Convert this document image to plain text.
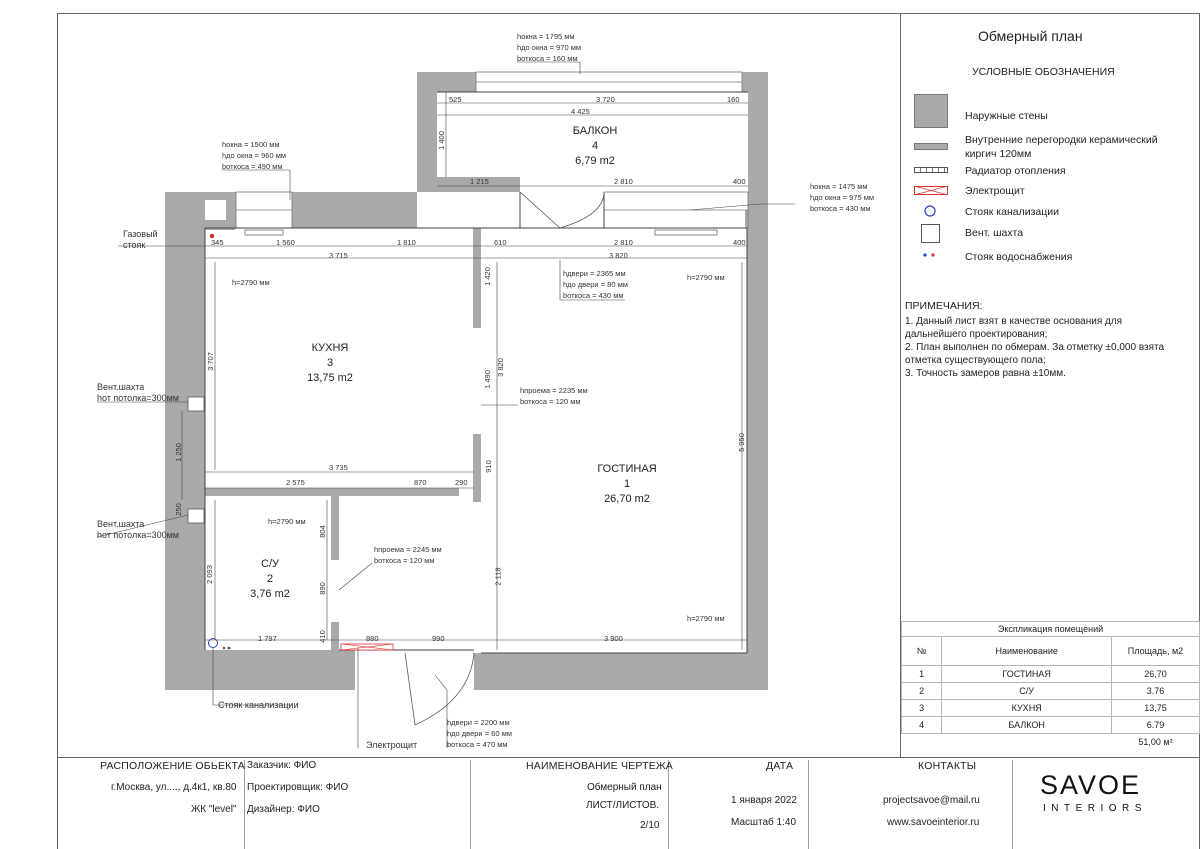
БАЛКОН
4
6,79 m2
КУХНЯ
3
13,75 m2
ГОСТИНАЯ
1
26,70 m2
С/У
2
3,76 m2
hокна = 1795 мм
hдо окна = 970 мм
bоткоса = 160 мм
hокна = 1500 мм
hдо окна = 960 мм
bоткоса = 490 мм
hокна = 1475 мм
hдо окна = 975 мм
bоткоса = 430 мм
hдвери = 2365 мм
hдо двери = 80 мм
bоткоса = 430 мм
hпроема = 2235 мм
bоткоса = 120 мм
hпроема = 2245 мм
bоткоса = 120 мм
hдвери = 2200 мм
hдо двери = 60 мм
bоткоса = 470 мм
Газовый
стояк
Вент.шахта
hот потолка=300мм
Вент.шахта
hот потолка=300мм
Стояк канализации
Электрощит
h=2790 мм
h=2790 мм
h=2790 мм
h=2790 мм
525	3 720	160
4 425
1 400
1 215	2 810	400
345	1 560	1 810	610	2 810	400
3 715	3 820
1 420
3 707	3 820
1 490
5 950
1 250
3 735
2 575	870	290
910
250
804
890
2 093	2 118
410
1 797	880	990	3 900
Обмерный план
УСЛОВНЫЕ ОБОЗНАЧЕНИЯ
Наружные стены
Внутренние перегородки керамический
киргич 120мм
Радиатор отопления
Электрощит
Стояк канализации
Вент. шахта
Стояк водоснабжения
ПРИМЕЧАНИЯ:
1. Данный лист взят в качестве основания для
дальнейшего проектирования;
2. План выполнен по обмерам. За отметку ±0,000 взята
отметка существующего пола;
3. Точность замеров равна ±10мм.
Экспликация помещений		
№	Наименование	Площадь, м2
1	ГОСТИНАЯ	26,70
2	С/У	3.76
3	КУХНЯ	13,75
4	БАЛКОН	6.79
		51,00 м²
РАСПОЛОЖЕНИЕ ОБЬЕКТА
г.Москва, ул...., д.4к1, кв.80
ЖК "level"
Заказчик: ФИО
Проектировщик: ФИО
Дизайнер: ФИО
НАИМЕНОВАНИЕ ЧЕРТЕЖА
Обмерный план
ЛИСТ/ЛИСТОВ.
2/10
ДАТА
1 января 2022
Масштаб 1:40
КОНТАКТЫ
projectsavoe@mail.ru
www.savoeinterior.ru
SAVOE
INTERIORS
